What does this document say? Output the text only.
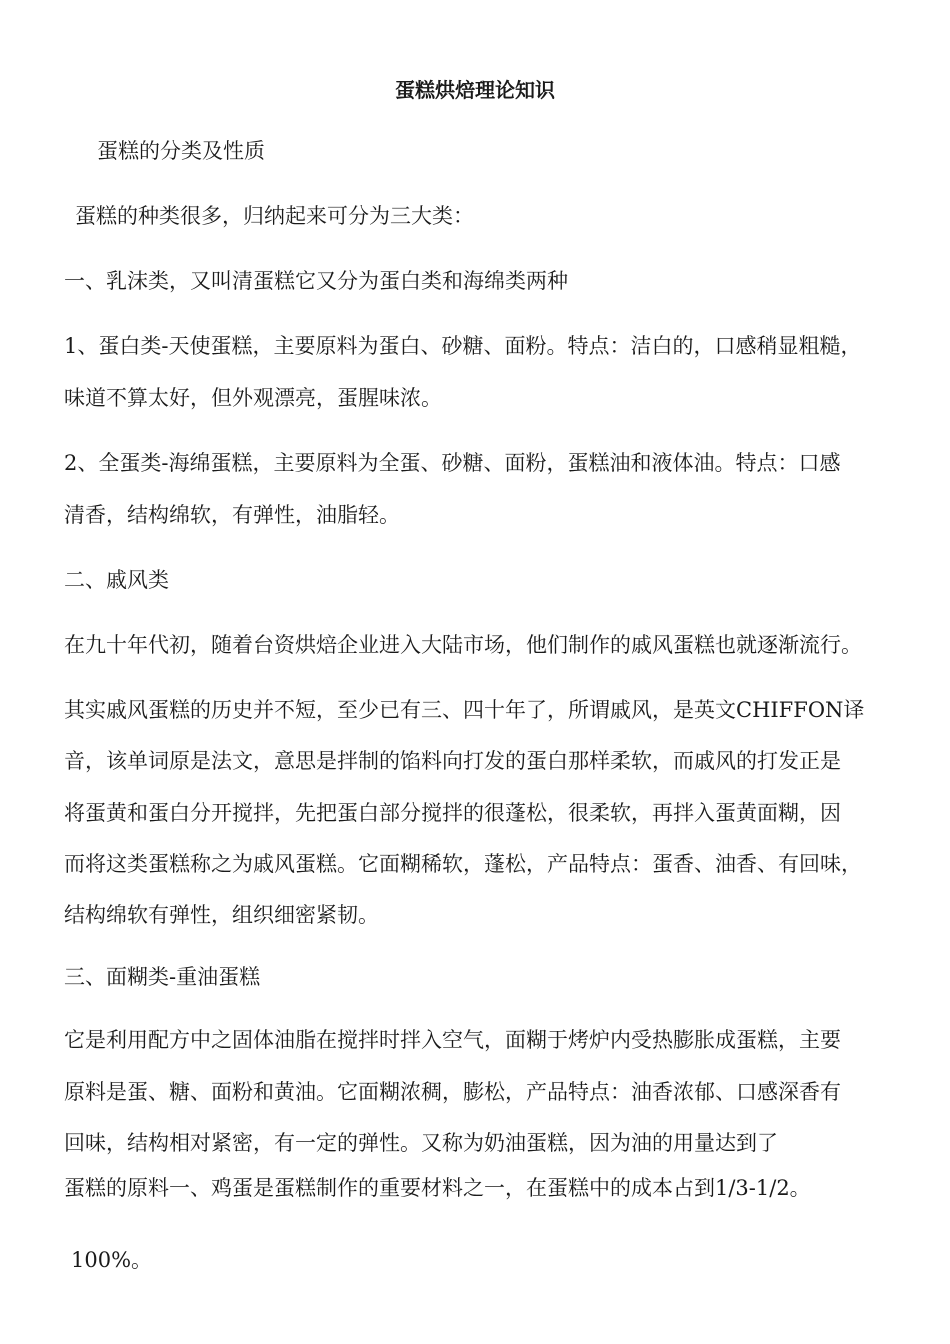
蛋糕烘焙理论知识

蛋糕的分类及性质

蛋糕的种类很多，归纳起来可分为三大类：

一、乳沫类，又叫清蛋糕它又分为蛋白类和海绵类两种

1、蛋白类-天使蛋糕，主要原料为蛋白、砂糖、面粉。特点：洁白的，口感稍显粗糙，

味道不算太好，但外观漂亮，蛋腥味浓。

2、全蛋类-海绵蛋糕，主要原料为全蛋、砂糖、面粉，蛋糕油和液体油。特点：口感

清香，结构绵软，有弹性，油脂轻。

二、戚风类

在九十年代初，随着台资烘焙企业进入大陆市场，他们制作的戚风蛋糕也就逐渐流行。

其实戚风蛋糕的历史并不短，至少已有三、四十年了，所谓戚风，是英文CHIFFON译

音，该单词原是法文，意思是拌制的馅料向打发的蛋白那样柔软，而戚风的打发正是

将蛋黄和蛋白分开搅拌，先把蛋白部分搅拌的很蓬松，很柔软，再拌入蛋黄面糊，因

而将这类蛋糕称之为戚风蛋糕。它面糊稀软，蓬松，产品特点：蛋香、油香、有回味，

结构绵软有弹性，组织细密紧韧。

三、面糊类-重油蛋糕

它是利用配方中之固体油脂在搅拌时拌入空气，面糊于烤炉内受热膨胀成蛋糕，主要

原料是蛋、糖、面粉和黄油。它面糊浓稠，膨松，产品特点：油香浓郁、口感深香有

回味，结构相对紧密，有一定的弹性。又称为奶油蛋糕，因为油的用量达到了

蛋糕的原料一、鸡蛋是蛋糕制作的重要材料之一，在蛋糕中的成本占到1/3-1/2。

100%。
